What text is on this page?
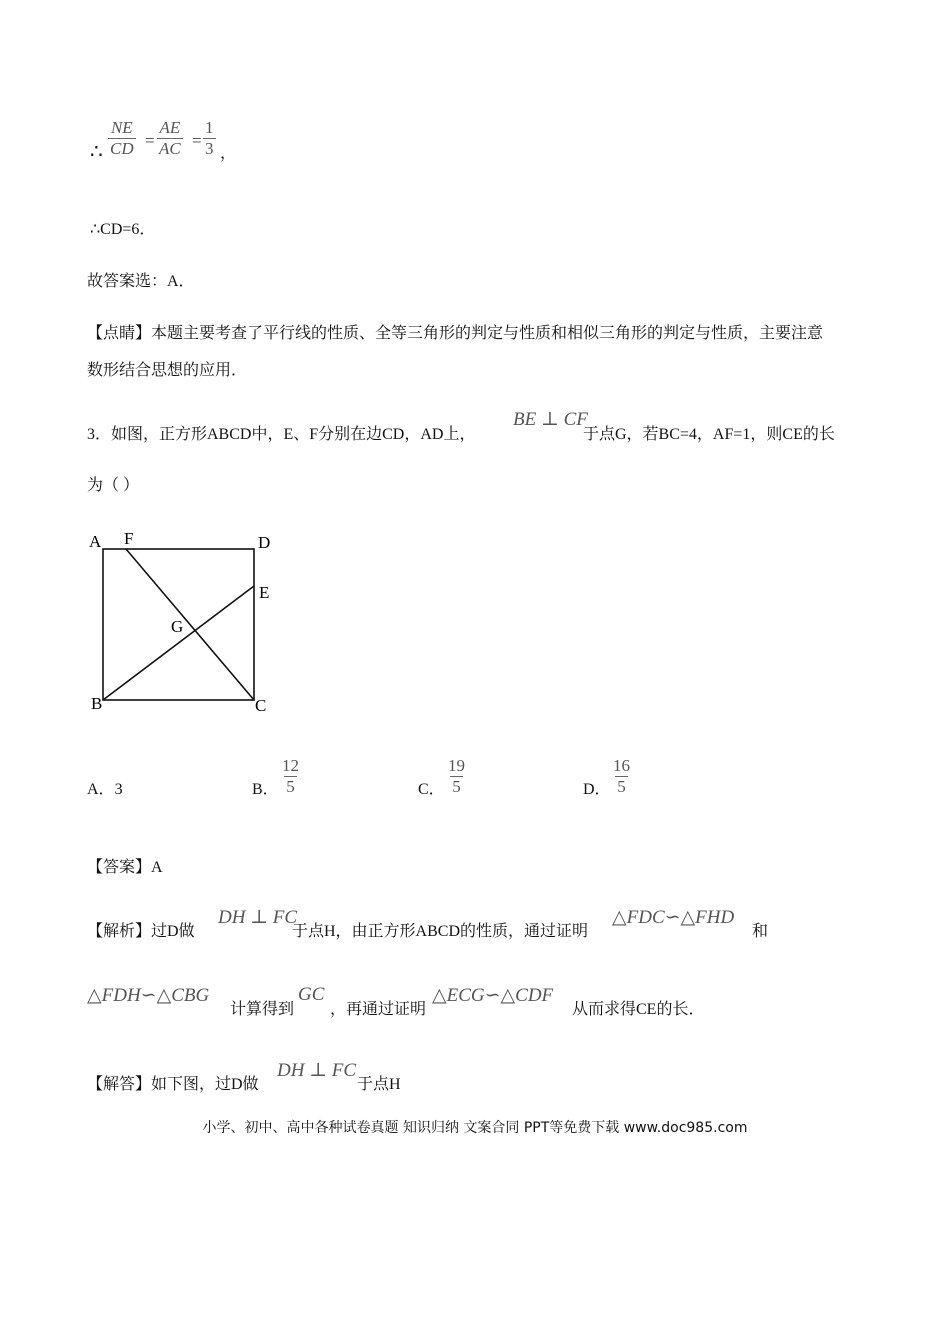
∴ $\frac{NE}{CD} = \frac{AE}{AC} = \frac{1}{3}$ ，
∴CD=6．
故答案选：A．
【点睛】本题主要考查了平行线的性质、全等三角形的判定与性质和相似三角形的判定与性质，主要注意
数形结合思想的应用．
3．如图，正方形ABCD中，E、F分别在边CD，AD上，
BE ⊥ CF
于点G，若BC=4，AF=1，则CE的长
为（ ）
A F	D
E
G
B	C
A．3	B． $\frac{12}{5}$	C． $\frac{19}{5}$	D． $\frac{16}{5}$
【答案】A
【解析】过D做
DH ⊥ FC
于点H，由正方形ABCD的性质，通过证明
△FDC∽△FHD
和
△FDH∽△CBG
计算得到
GC
，再通过证明
△ECG∽△CDF
从而求得CE的长．
【解答】如下图，过D做
DH ⊥ FC
于点H
小学、初中、高中各种试卷真题 知识归纳 文案合同 PPT等免费下载 www.doc985.com
